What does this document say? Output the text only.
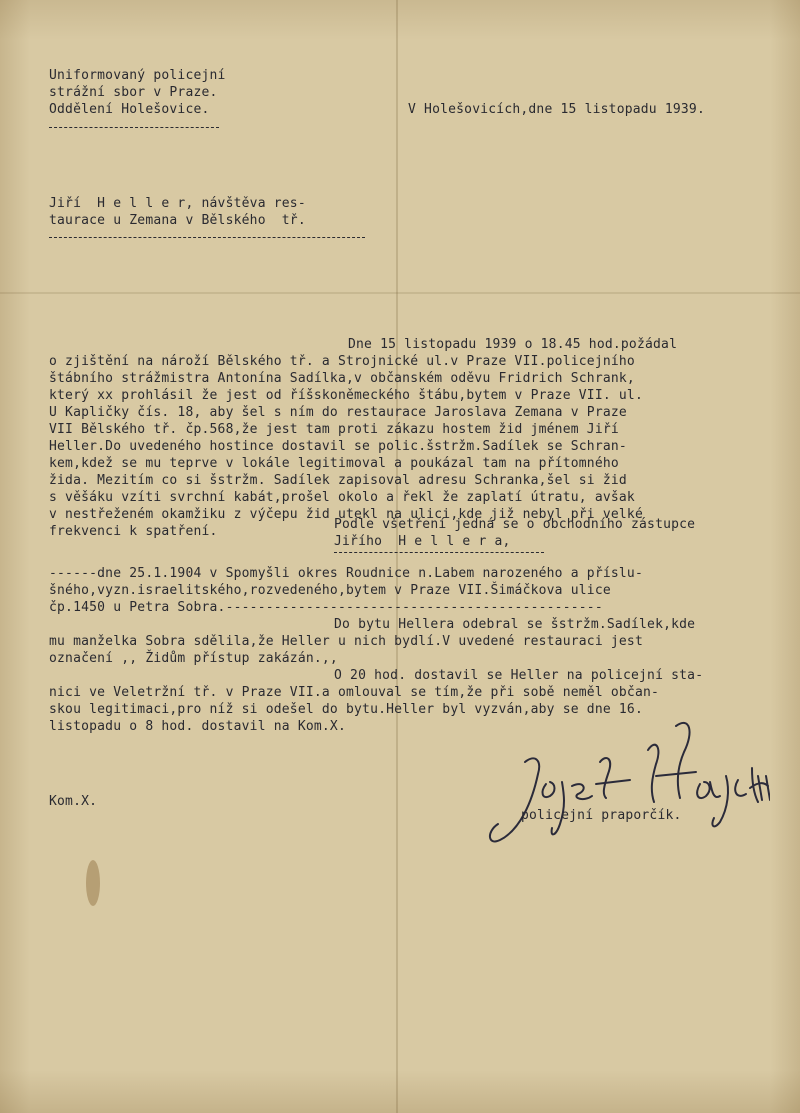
Uniformovaný policejní
strážní sbor v Praze.
Oddělení Holešovice.	V Holešovicích,dne 15 listopadu 1939.
Jiří  H e l l e r, návštěva res-
taurace u Zemana v Bělského  tř.
Dne 15 listopadu 1939 o 18.45 hod.požádal
o zjištění na nároží Bělského tř. a Strojnické ul.v Praze VII.policejního
štábního strážmistra Antonína Sadílka,v občanském oděvu Fridrich Schrank,
který xx prohlásil že jest od říšskoněmeckého štábu,bytem v Praze VII. ul.
U Kapličky čís. 18, aby šel s ním do restaurace Jaroslava Zemana v Praze
VII Bělského tř. čp.568,že jest tam proti zákazu hostem žid jménem Jiří
Heller.Do uvedeného hostince dostavil se polic.šstržm.Sadílek se Schran-
kem,kdež se mu teprve v lokále legitimoval a poukázal tam na přítomného
žida. Mezitím co si šstržm. Sadílek zapisoval adresu Schranka,šel si žid
s věšáku vzíti svrchní kabát,prošel okolo a řekl že zaplatí útratu, avšak
v nestřeženém okamžiku z výčepu žid utekl na ulici,kde již nebyl při velké
frekvenci k spatření.	Podle všetření jedná se o obchodního zástupce
Jiřího  H e l l e r a,
------dne 25.1.1904 v Spomyšli okres Roudnice n.Labem narozeného a příslu-
šného,vyzn.israelitského,rozvedeného,bytem v Praze VII.Šimáčkova ulice
čp.1450 u Petra Sobra.-----------------------------------------------
Do bytu Hellera odebral se šstržm.Sadílek,kde
mu manželka Sobra sdělila,že Heller u nich bydlí.V uvedené restauraci jest
označení ,, Židům přístup zakázán.,,
O 20 hod. dostavil se Heller na policejní sta-
nici ve Veletržní tř. v Praze VII.a omlouval se tím,že při sobě neměl občan-
skou legitimaci,pro níž si odešel do bytu.Heller byl vyzván,aby se dne 16.
listopadu o 8 hod. dostavil na Kom.X.
Kom.X.
policejní praporčík.
